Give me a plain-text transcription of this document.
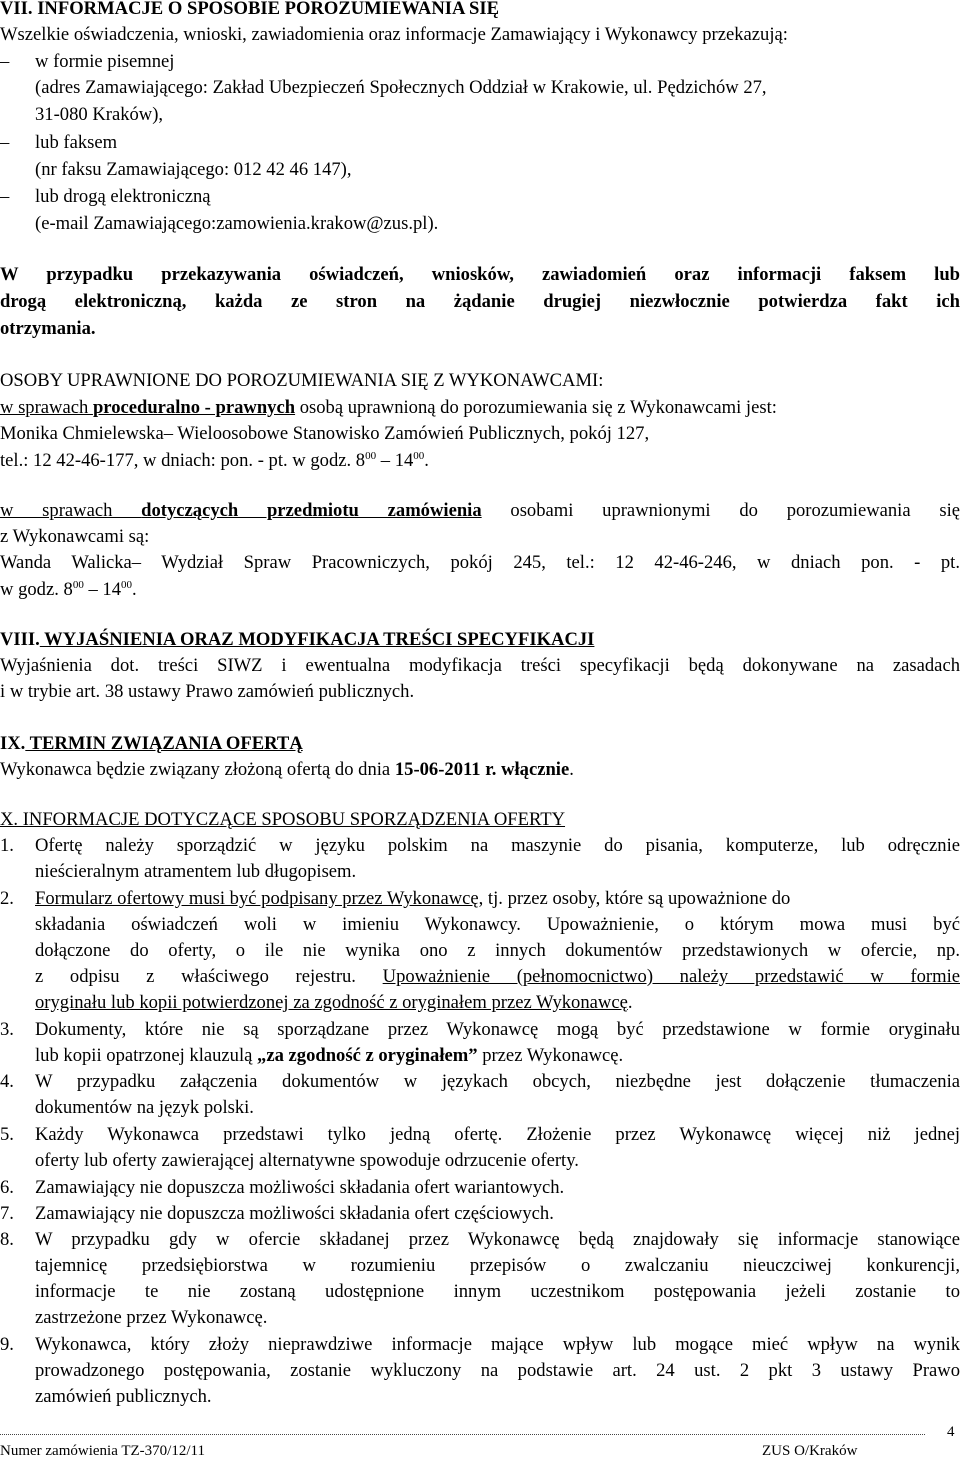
VII. INFORMACJE O SPOSOBIE POROZUMIEWANIA SIĘ
Wszelkie oświadczenia, wnioski, zawiadomienia oraz informacje Zamawiający i Wykonawcy przekazują:
– w formie pisemnej
(adres Zamawiającego: Zakład Ubezpieczeń Społecznych Oddział w Krakowie, ul. Pędzichów 27,
31-080 Kraków),
– lub faksem
(nr faksu Zamawiającego: 012 42 46 147),
– lub drogą elektroniczną
(e-mail Zamawiającego:zamowienia.krakow@zus.pl).
W przypadku przekazywania oświadczeń, wniosków, zawiadomień oraz informacji faksem lub
drogą elektroniczną, każda ze stron na żądanie drugiej niezwłocznie potwierdza fakt ich
otrzymania.
OSOBY UPRAWNIONE DO POROZUMIEWANIA SIĘ Z WYKONAWCAMI:
w sprawach proceduralno - prawnych osobą uprawnioną do porozumiewania się z Wykonawcami jest:
Monika Chmielewska– Wieloosobowe Stanowisko Zamówień Publicznych, pokój 127,
tel.: 12 42-46-177, w dniach: pon. - pt. w godz. $8^{00} - 14^{00}$.
w sprawach dotyczących przedmiotu zamówienia osobami uprawnionymi do porozumiewania się
z Wykonawcami są:
Wanda Walicka– Wydział Spraw Pracowniczych, pokój 245, tel.: 12 42-46-246, w dniach pon. - pt.
w godz. $8^{00} - 14^{00}$.
VIII. WYJAŚNIENIA ORAZ MODYFIKACJA TREŚCI SPECYFIKACJI
Wyjaśnienia dot. treści SIWZ i ewentualna modyfikacja treści specyfikacji będą dokonywane na zasadach
i w trybie art. 38 ustawy Prawo zamówień publicznych.
IX. TERMIN ZWIĄZANIA OFERTĄ
Wykonawca będzie związany złożoną ofertą do dnia 15-06-2011 r. włącznie.
X. INFORMACJE DOTYCZĄCE SPOSOBU SPORZĄDZENIA OFERTY
1. Ofertę należy sporządzić w języku polskim na maszynie do pisania, komputerze, lub odręcznie
nieścieralnym atramentem lub długopisem.
2. Formularz ofertowy musi być podpisany przez Wykonawcę, tj. przez osoby, które są upoważnione do
składania oświadczeń woli w imieniu Wykonawcy. Upoważnienie, o którym mowa musi być
dołączone do oferty, o ile nie wynika ono z innych dokumentów przedstawionych w ofercie, np.
z odpisu z właściwego rejestru. Upoważnienie (pełnomocnictwo) należy przedstawić w formie
oryginału lub kopii potwierdzonej za zgodność z oryginałem przez Wykonawcę.
3. Dokumenty, które nie są sporządzane przez Wykonawcę mogą być przedstawione w formie oryginału
lub kopii opatrzonej klauzulą „za zgodność z oryginałem” przez Wykonawcę.
4. W przypadku załączenia dokumentów w językach obcych, niezbędne jest dołączenie tłumaczenia
dokumentów na język polski.
5. Każdy Wykonawca przedstawi tylko jedną ofertę. Złożenie przez Wykonawcę więcej niż jednej
oferty lub oferty zawierającej alternatywne spowoduje odrzucenie oferty.
6. Zamawiający nie dopuszcza możliwości składania ofert wariantowych.
7. Zamawiający nie dopuszcza możliwości składania ofert częściowych.
8. W przypadku gdy w ofercie składanej przez Wykonawcę będą znajdowały się informacje stanowiące
tajemnicę przedsiębiorstwa w rozumieniu przepisów o zwalczaniu nieuczciwej konkurencji,
informacje te nie zostaną udostępnione innym uczestnikom postępowania jeżeli zostanie to
zastrzeżone przez Wykonawcę.
9. Wykonawca, który złoży nieprawdziwe informacje mające wpływ lub mogące mieć wpływ na wynik
prowadzonego postępowania, zostanie wykluczony na podstawie art. 24 ust. 2 pkt 3 ustawy Prawo
zamówień publicznych.
4
Numer zamówienia TZ-370/12/11	ZUS O/Kraków
